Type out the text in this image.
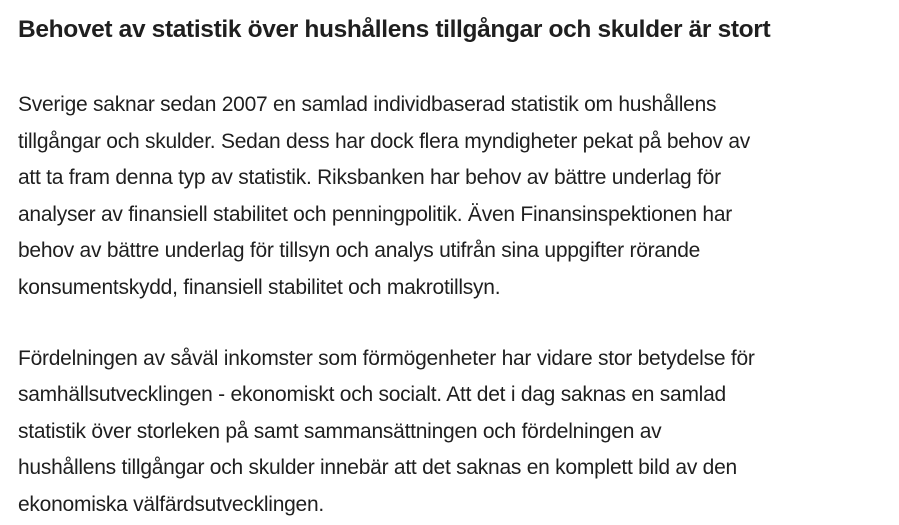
Behovet av statistik över hushållens tillgångar och skulder är stort

Sverige saknar sedan 2007 en samlad individbaserad statistik om hushållens
tillgångar och skulder. Sedan dess har dock flera myndigheter pekat på behov av
att ta fram denna typ av statistik. Riksbanken har behov av bättre underlag för
analyser av finansiell stabilitet och penningpolitik. Även Finansinspektionen har
behov av bättre underlag för tillsyn och analys utifrån sina uppgifter rörande
konsumentskydd, finansiell stabilitet och makrotillsyn.

Fördelningen av såväl inkomster som förmögenheter har vidare stor betydelse för
samhällsutvecklingen - ekonomiskt och socialt. Att det i dag saknas en samlad
statistik över storleken på samt sammansättningen och fördelningen av
hushållens tillgångar och skulder innebär att det saknas en komplett bild av den
ekonomiska välfärdsutvecklingen.
